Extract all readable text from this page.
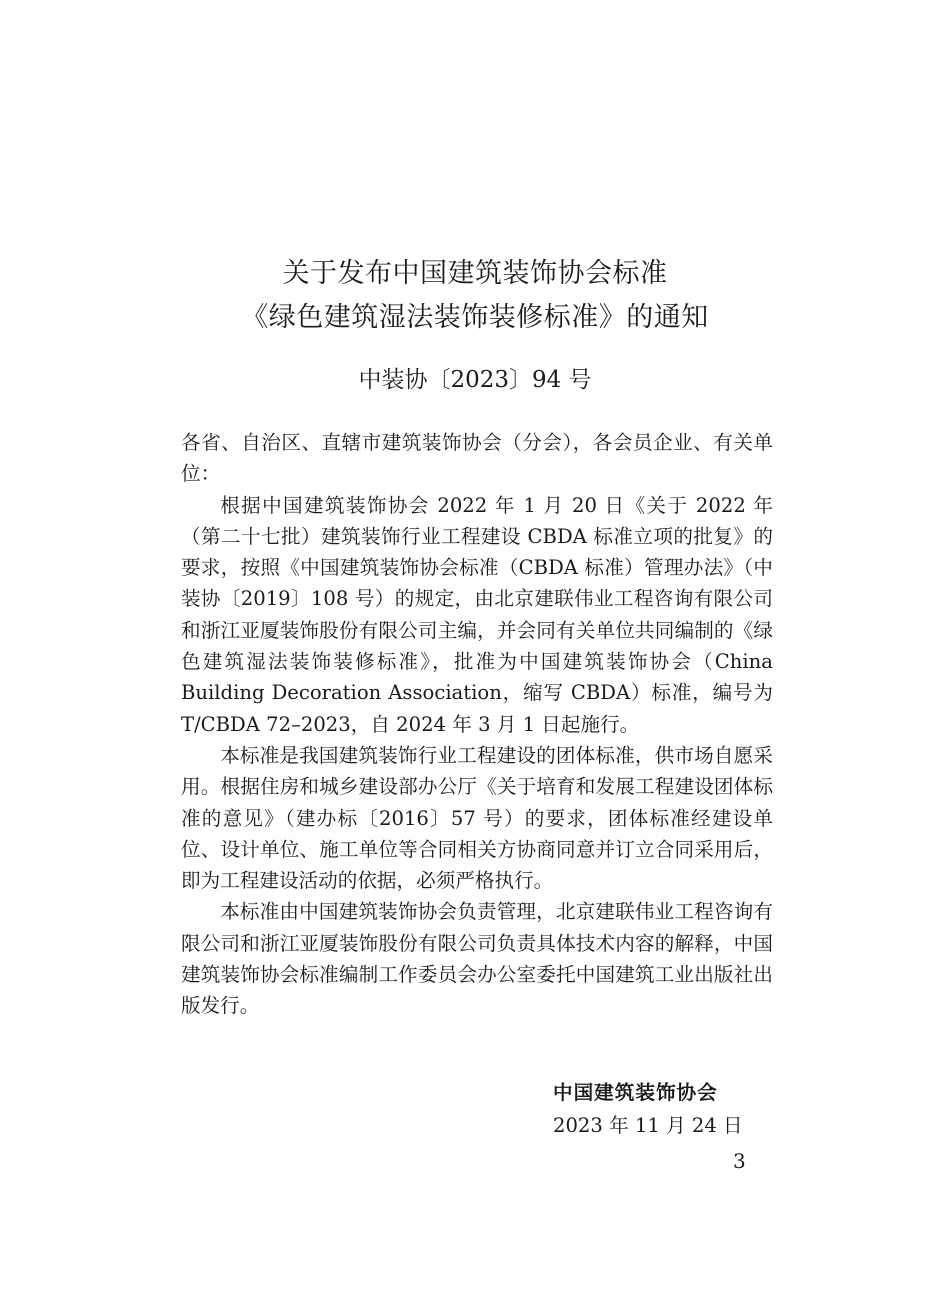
关于发布中国建筑装饰协会标准
《绿色建筑湿法装饰装修标准》的通知
中装协〔2023〕94 号

各省、自治区、直辖市建筑装饰协会（分会），各会员企业、有关单位：

根据中国建筑装饰协会 2022 年 1 月 20 日《关于 2022 年（第二十七批）建筑装饰行业工程建设 CBDA 标准立项的批复》的要求，按照《中国建筑装饰协会标准（CBDA 标准）管理办法》（中装协〔2019〕108 号）的规定，由北京建联伟业工程咨询有限公司和浙江亚厦装饰股份有限公司主编，并会同有关单位共同编制的《绿色建筑湿法装饰装修标准》，批准为中国建筑装饰协会（China Building Decoration Association，缩写 CBDA）标准，编号为 T/CBDA 72–2023，自 2024 年 3 月 1 日起施行。

本标准是我国建筑装饰行业工程建设的团体标准，供市场自愿采用。根据住房和城乡建设部办公厅《关于培育和发展工程建设团体标准的意见》（建办标〔2016〕57 号）的要求，团体标准经建设单位、设计单位、施工单位等合同相关方协商同意并订立合同采用后，即为工程建设活动的依据，必须严格执行。

本标准由中国建筑装饰协会负责管理，北京建联伟业工程咨询有限公司和浙江亚厦装饰股份有限公司负责具体技术内容的解释，中国建筑装饰协会标准编制工作委员会办公室委托中国建筑工业出版社出版发行。

中国建筑装饰协会
2023 年 11 月 24 日
3
